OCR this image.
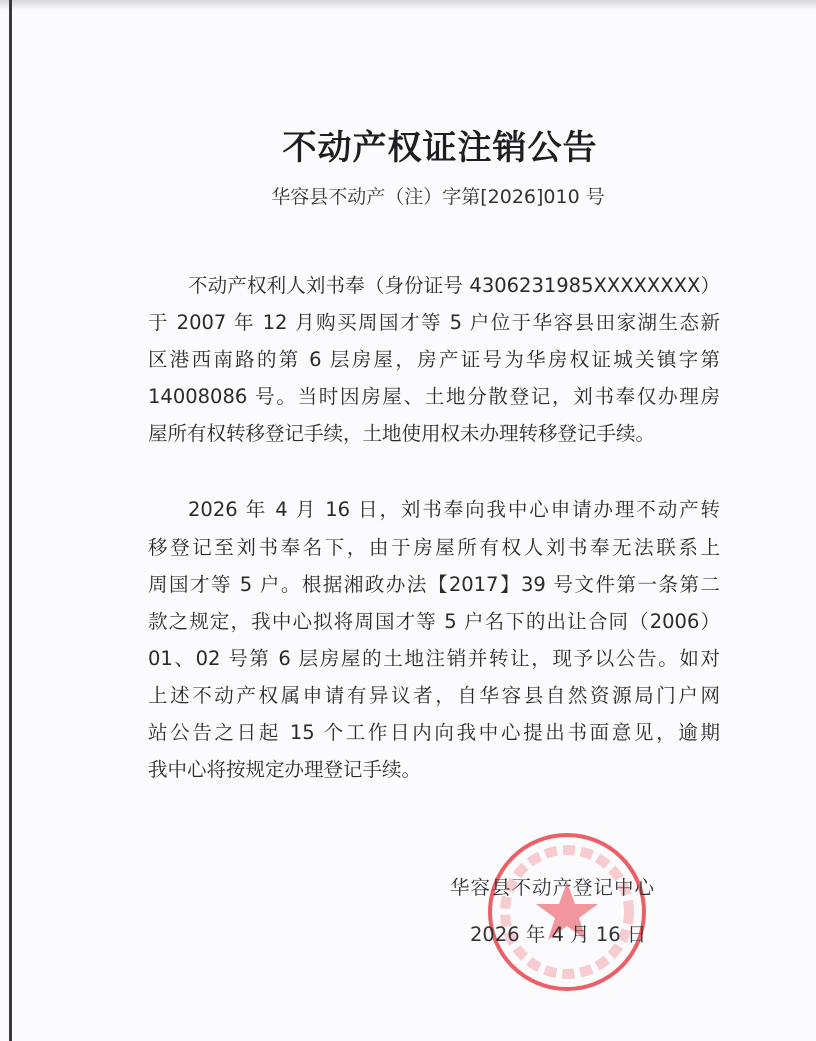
不动产权证注销公告
华容县不动产（注）字第[2026]010 号
不动产权利人刘书奉（身份证号 4306231985XXXXXXXX）
于 2007 年 12 月购买周国才等 5 户位于华容县田家湖生态新
区港西南路的第 6 层房屋，房产证号为华房权证城关镇字第
14008086 号。当时因房屋、土地分散登记，刘书奉仅办理房
屋所有权转移登记手续，土地使用权未办理转移登记手续。
2026 年 4 月 16 日，刘书奉向我中心申请办理不动产转
移登记至刘书奉名下，由于房屋所有权人刘书奉无法联系上
周国才等 5 户。根据湘政办法【2017】39 号文件第一条第二
款之规定，我中心拟将周国才等 5 户名下的出让合同（2006）
01、02 号第 6 层房屋的土地注销并转让，现予以公告。如对
上述不动产权属申请有异议者，自华容县自然资源局门户网
站公告之日起 15 个工作日内向我中心提出书面意见，逾期
我中心将按规定办理登记手续。
华容县不动产登记中心
2026 年 4 月 16 日
